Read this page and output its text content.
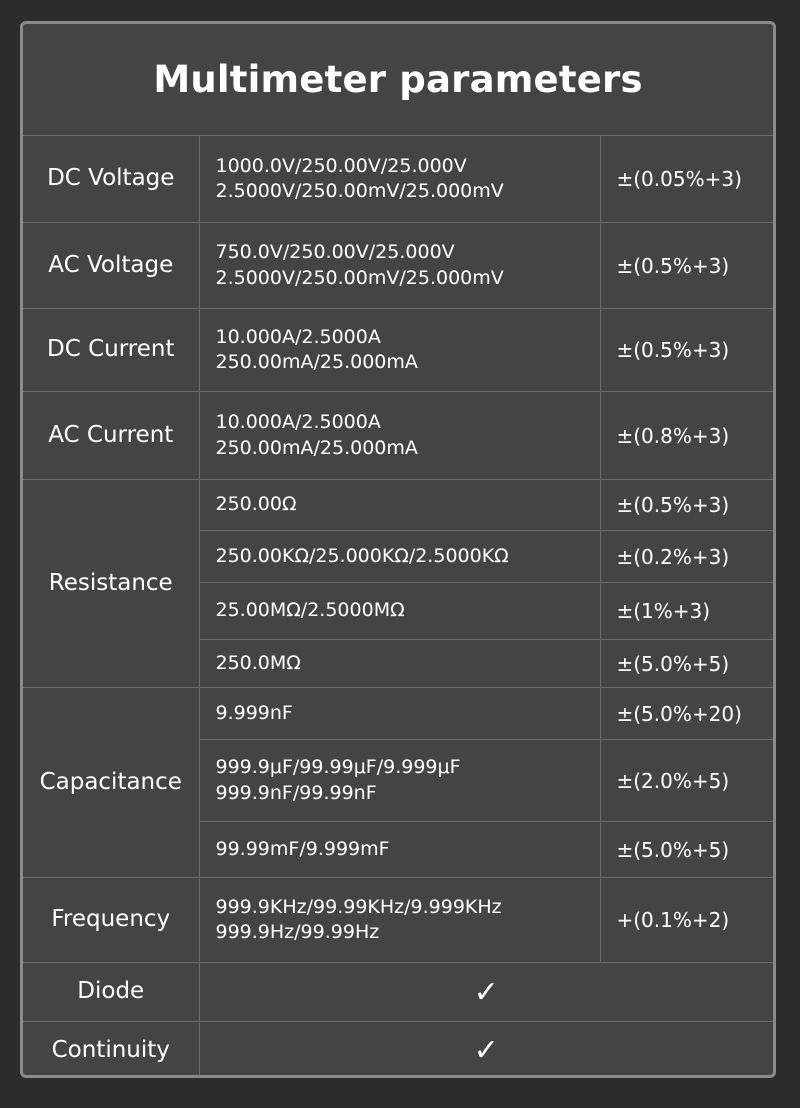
Multimeter parameters
DC Voltage	1000.0V/250.00V/25.000V
2.5000V/250.00mV/25.000mV	±(0.05%+3)
AC Voltage	750.0V/250.00V/25.000V
2.5000V/250.00mV/25.000mV	±(0.5%+3)
DC Current	10.000A/2.5000A
250.00mA/25.000mA	±(0.5%+3)
AC Current	10.000A/2.5000A
250.00mA/25.000mA	±(0.8%+3)
Resistance	250.00Ω	±(0.5%+3)

	250.00KΩ/25.000KΩ/2.5000KΩ	±(0.2%+3)

	25.00MΩ/2.5000MΩ	±(1%+3)

	250.0MΩ	±(5.0%+5)
Capacitance	9.999nF	±(5.0%+20)

	999.9μF/99.99μF/9.999μF
999.9nF/99.99nF	±(2.0%+5)

	99.99mF/9.999mF	±(5.0%+5)
Frequency	999.9KHz/99.99KHz/9.999KHz
999.9Hz/99.99Hz	+(0.1%+2)
Diode	✓	
Continuity	✓	
